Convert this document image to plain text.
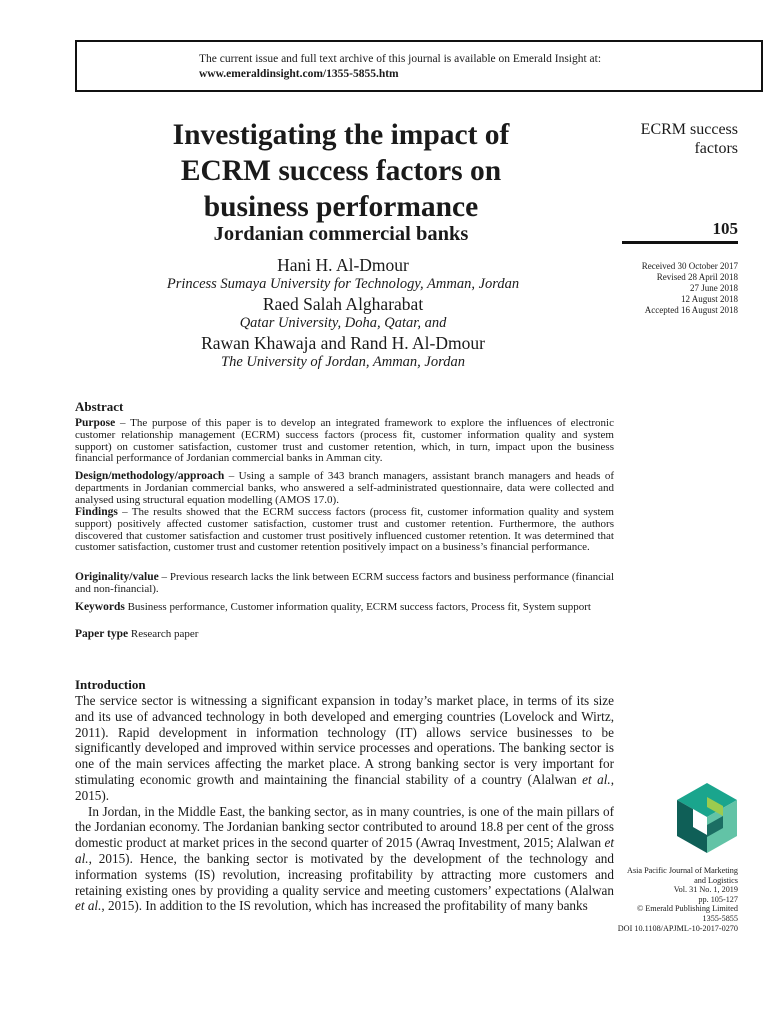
The current issue and full text archive of this journal is available on Emerald Insight at:
www.emeraldinsight.com/1355-5855.htm
Investigating the impact of
ECRM success factors on
business performance
Jordanian commercial banks
Hani H. Al-Dmour
Princess Sumaya University for Technology, Amman, Jordan
Raed Salah Algharabat
Qatar University, Doha, Qatar, and
Rawan Khawaja and Rand H. Al-Dmour
The University of Jordan, Amman, Jordan
ECRM success
factors
105
Received 30 October 2017
Revised 28 April 2018
27 June 2018
12 August 2018
Accepted 16 August 2018
Abstract
Purpose – The purpose of this paper is to develop an integrated framework to explore the influences of electronic customer relationship management (ECRM) success factors (process fit, customer information quality and system support) on customer satisfaction, customer trust and customer retention, which, in turn, impact upon the business financial performance of Jordanian commercial banks in Amman city.
Design/methodology/approach – Using a sample of 343 branch managers, assistant branch managers and heads of departments in Jordanian commercial banks, who answered a self-administrated questionnaire, data were collected and analysed using structural equation modelling (AMOS 17.0).
Findings – The results showed that the ECRM success factors (process fit, customer information quality and system support) positively affected customer satisfaction, customer trust and customer retention. Furthermore, the authors discovered that customer satisfaction and customer trust positively influenced customer retention. It was determined that customer satisfaction, customer trust and customer retention positively impact on a business’s financial performance.
Originality/value – Previous research lacks the link between ECRM success factors and business performance (financial and non-financial).
Keywords Business performance, Customer information quality, ECRM success factors, Process fit, System support
Paper type Research paper
Introduction

The service sector is witnessing a significant expansion in today’s market place, in terms of its size and its use of advanced technology in both developed and emerging countries (Lovelock and Wirtz, 2011). Rapid development in information technology (IT) allows service businesses to be significantly developed and improved within service processes and operations. The banking sector is one of the main services affecting the market place. A strong banking sector is very important for stimulating economic growth and maintaining the financial stability of a country (Alalwan et al., 2015).

In Jordan, in the Middle East, the banking sector, as in many countries, is one of the main pillars of the Jordanian economy. The Jordanian banking sector contributed to around 18.8 per cent of the gross domestic product at market prices in the second quarter of 2015 (Awraq Investment, 2015; Alalwan et al., 2015). Hence, the banking sector is motivated by the development of the technology and information systems (IS) revolution, increasing profitability by attracting more customers and retaining existing ones by providing a quality service and meeting customers’ expectations (Alalwan et al., 2015). In addition to the IS revolution, which has increased the profitability of many banks

Asia Pacific Journal of Marketing
and Logistics
Vol. 31 No. 1, 2019
pp. 105-127
© Emerald Publishing Limited
1355-5855
DOI 10.1108/APJML-10-2017-0270
